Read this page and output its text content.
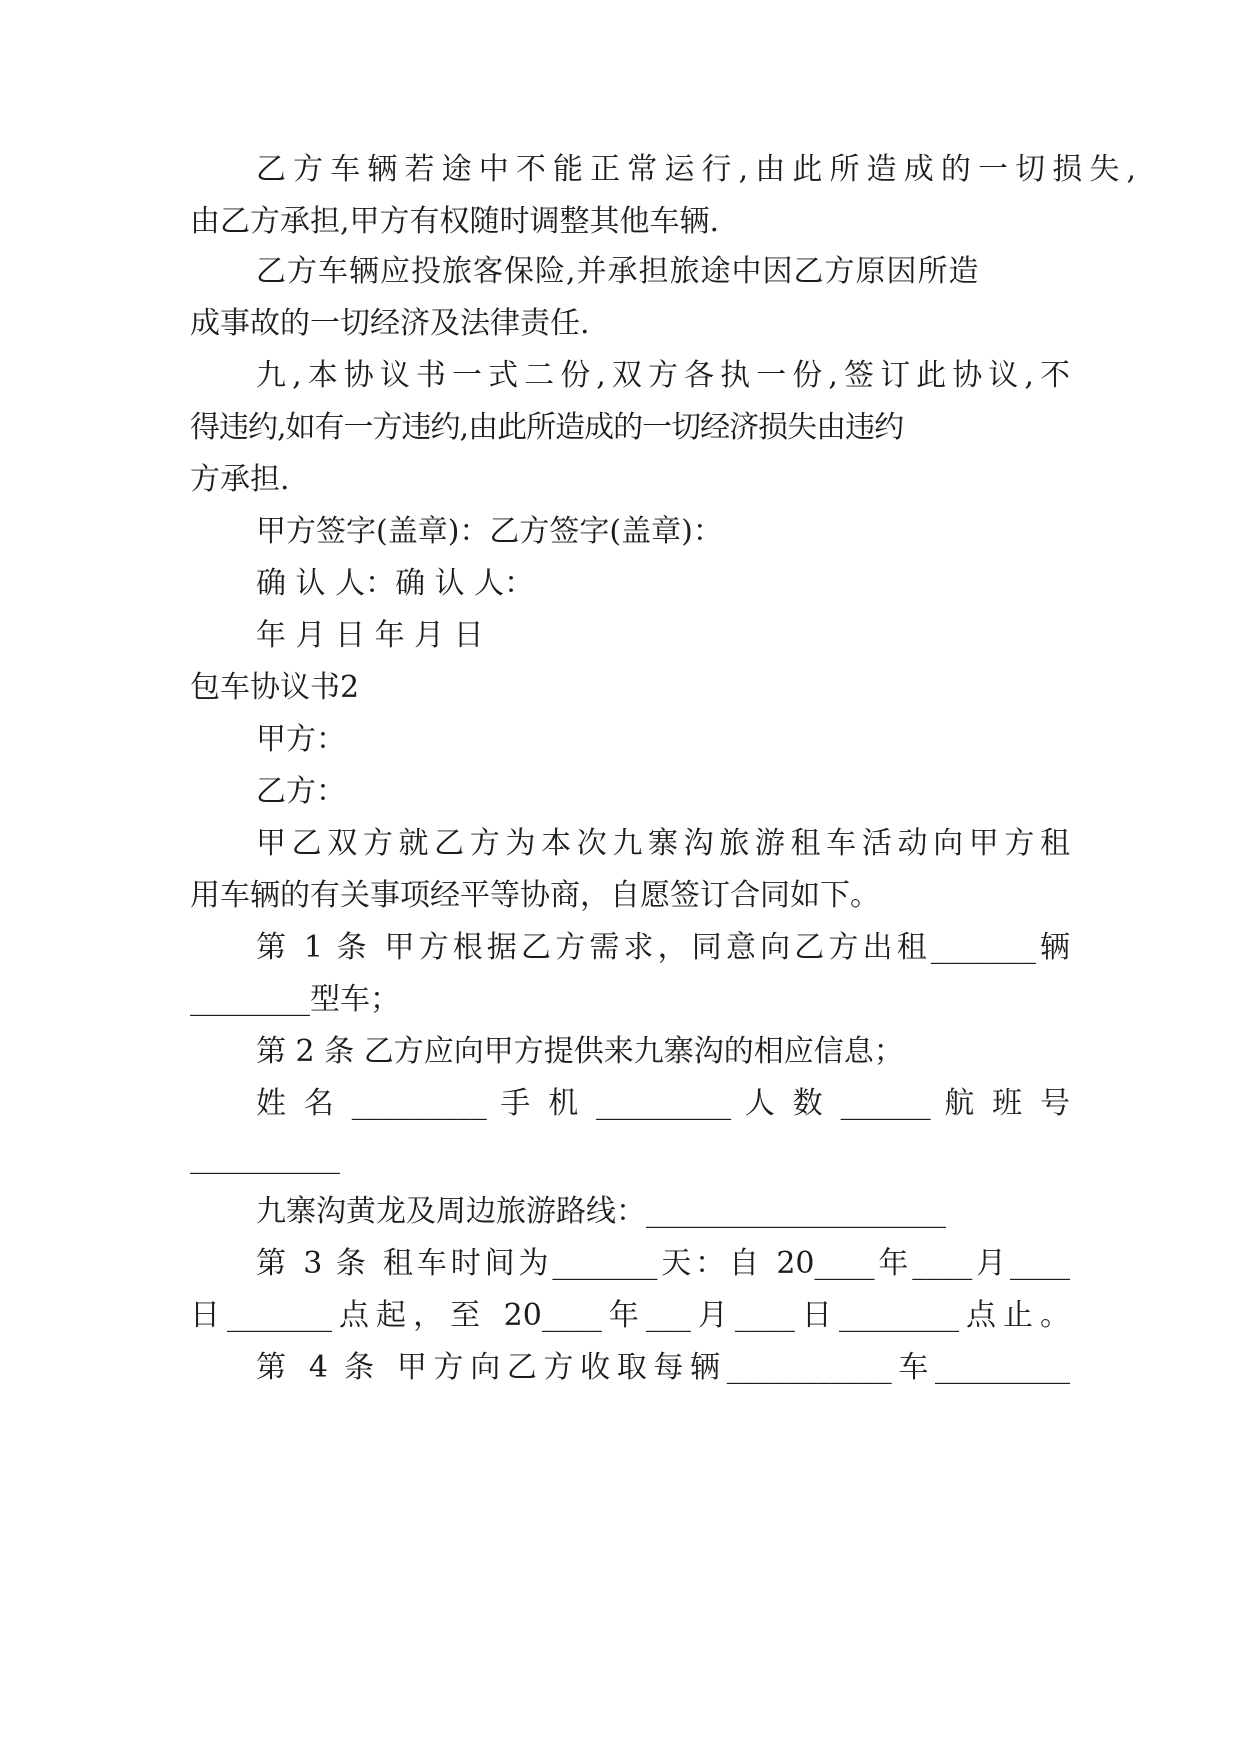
乙方车辆若途中不能正常运行,由此所造成的一切损失,

由乙方承担,甲方有权随时调整其他车辆.

乙方车辆应投旅客保险,并承担旅途中因乙方原因所造

成事故的一切经济及法律责任.

九,本协议书一式二份,双方各执一份,签订此协议,不

得违约,如有一方违约,由此所造成的一切经济损失由违约

方承担.

甲方签字(盖章)：乙方签字(盖章)：

确 认 人：确 认 人：

年 月 日 年 月 日

包车协议书2

甲方：

乙方：

甲乙双方就乙方为本次九寨沟旅游租车活动向甲方租

用车辆的有关事项经平等协商，自愿签订合同如下。

第 1 条 甲方根据乙方需求，同意向乙方出租_______辆

________型车；

第 2 条 乙方应向甲方提供来九寨沟的相应信息；

姓 名 _________ 手 机 _________ 人 数 ______ 航 班 号

__________

九寨沟黄龙及周边旅游路线：____________________

第 3 条 租车时间为_______天：自 20____年____月____

日_______点起，至 20____年___月____日________点止。

第 4 条 甲方向乙方收取每辆___________车_________
